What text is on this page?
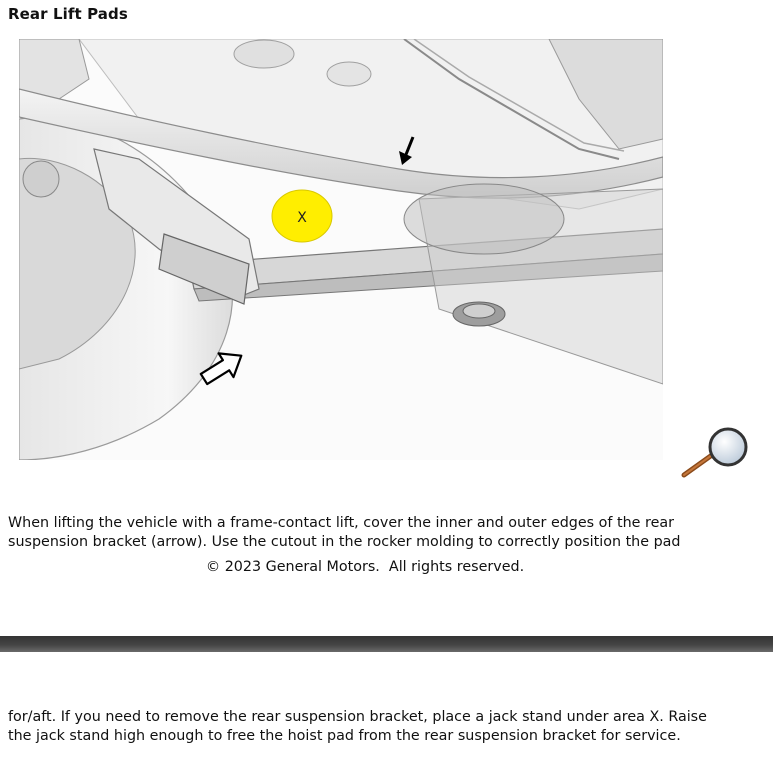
Rear Lift Pads
X

When lifting the vehicle with a frame-contact lift, cover the inner and outer edges of the rear
suspension bracket (arrow). Use the cutout in the rocker molding to correctly position the pad

© 2023 General Motors.  All rights reserved.

for/aft. If you need to remove the rear suspension bracket, place a jack stand under area X. Raise
the jack stand high enough to free the hoist pad from the rear suspension bracket for service.
